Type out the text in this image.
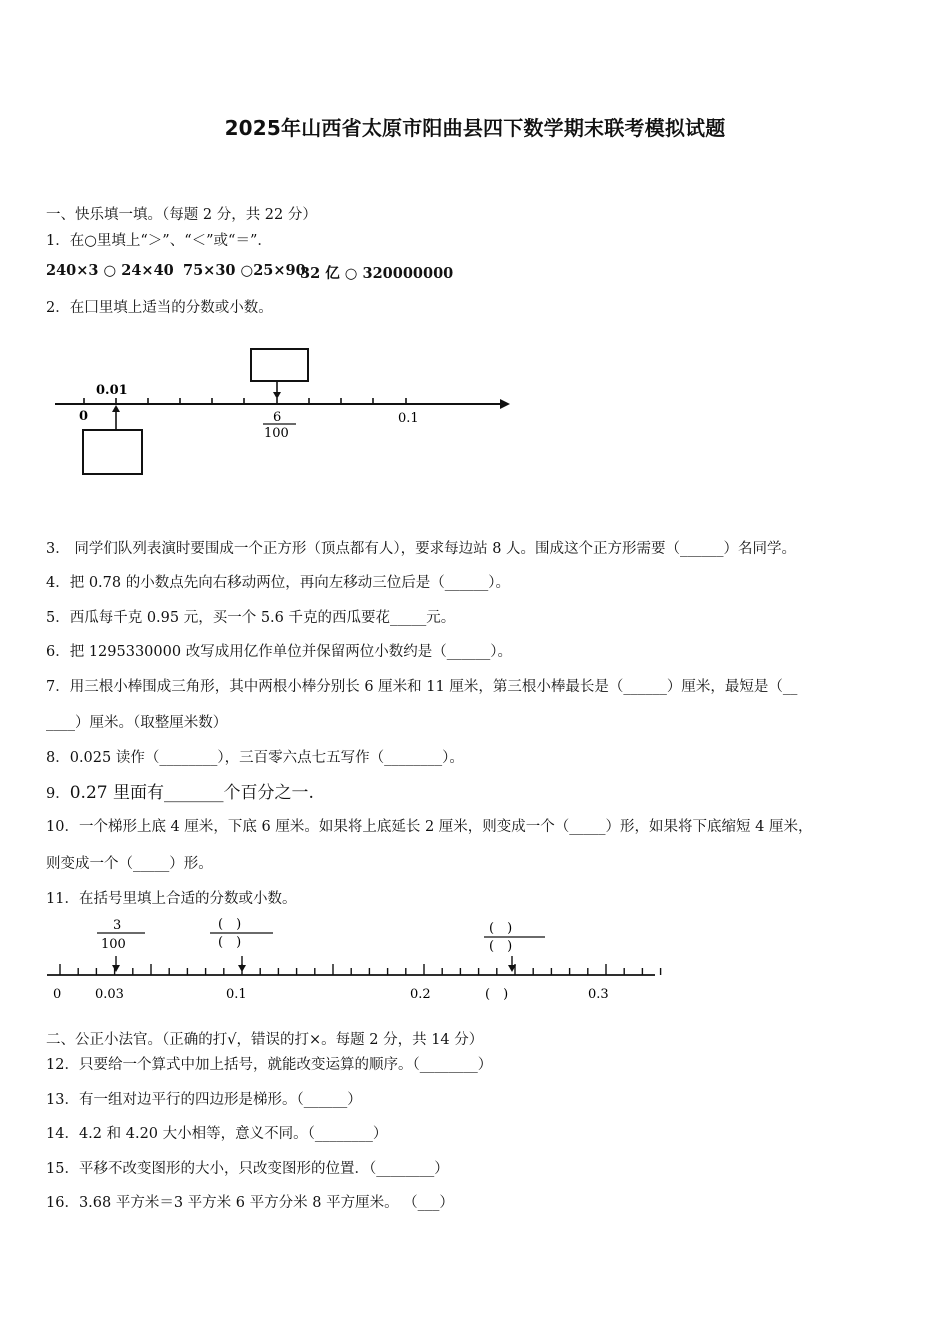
2025年山西省太原市阳曲县四下数学期末联考模拟试题
一、快乐填一填。（每题 2 分，共 22 分）
1．在○里填上“＞”、“＜”或“＝”．
240×3 ○ 24×40 75×30 ○25×90
32 亿 ○ 320000000
2．在囗里填上适当的分数或小数。
0
0.01
6
100
0.1
3． 同学们队列表演时要围成一个正方形（顶点都有人），要求每边站 8 人。围成这个正方形需要（______）名同学。
4．把 0.78 的小数点先向右移动两位，再向左移动三位后是（______）。
5．西瓜每千克 0.95 元，买一个 5.6 千克的西瓜要花_____元。
6．把 1295330000 改写成用亿作单位并保留两位小数约是（______）。
7．用三根小棒围成三角形，其中两根小棒分别长 6 厘米和 11 厘米，第三根小棒最长是（______）厘米，最短是（__
____）厘米。（取整厘米数）
8．0.025 读作（________），三百零六点七五写作（________）。
9．0.27 里面有_______个百分之一.
10．一个梯形上底 4 厘米，下底 6 厘米。如果将上底延长 2 厘米，则变成一个（_____）形，如果将下底缩短 4 厘米，
则变成一个（_____）形。
11．在括号里填上合适的分数或小数。
3
100
(　)
(　)
(　)
(　)
0	0.03	0.1	0.2	(　)	0.3
二、公正小法官。（正确的打√，错误的打×。每题 2 分，共 14 分）
12．只要给一个算式中加上括号，就能改变运算的顺序。（________）
13．有一组对边平行的四边形是梯形。（______）
14．4.2 和 4.20 大小相等，意义不同。（________）
15．平移不改变图形的大小，只改变图形的位置．（________）
16．3.68 平方米＝3 平方米 6 平方分米 8 平方厘米。 （___）
